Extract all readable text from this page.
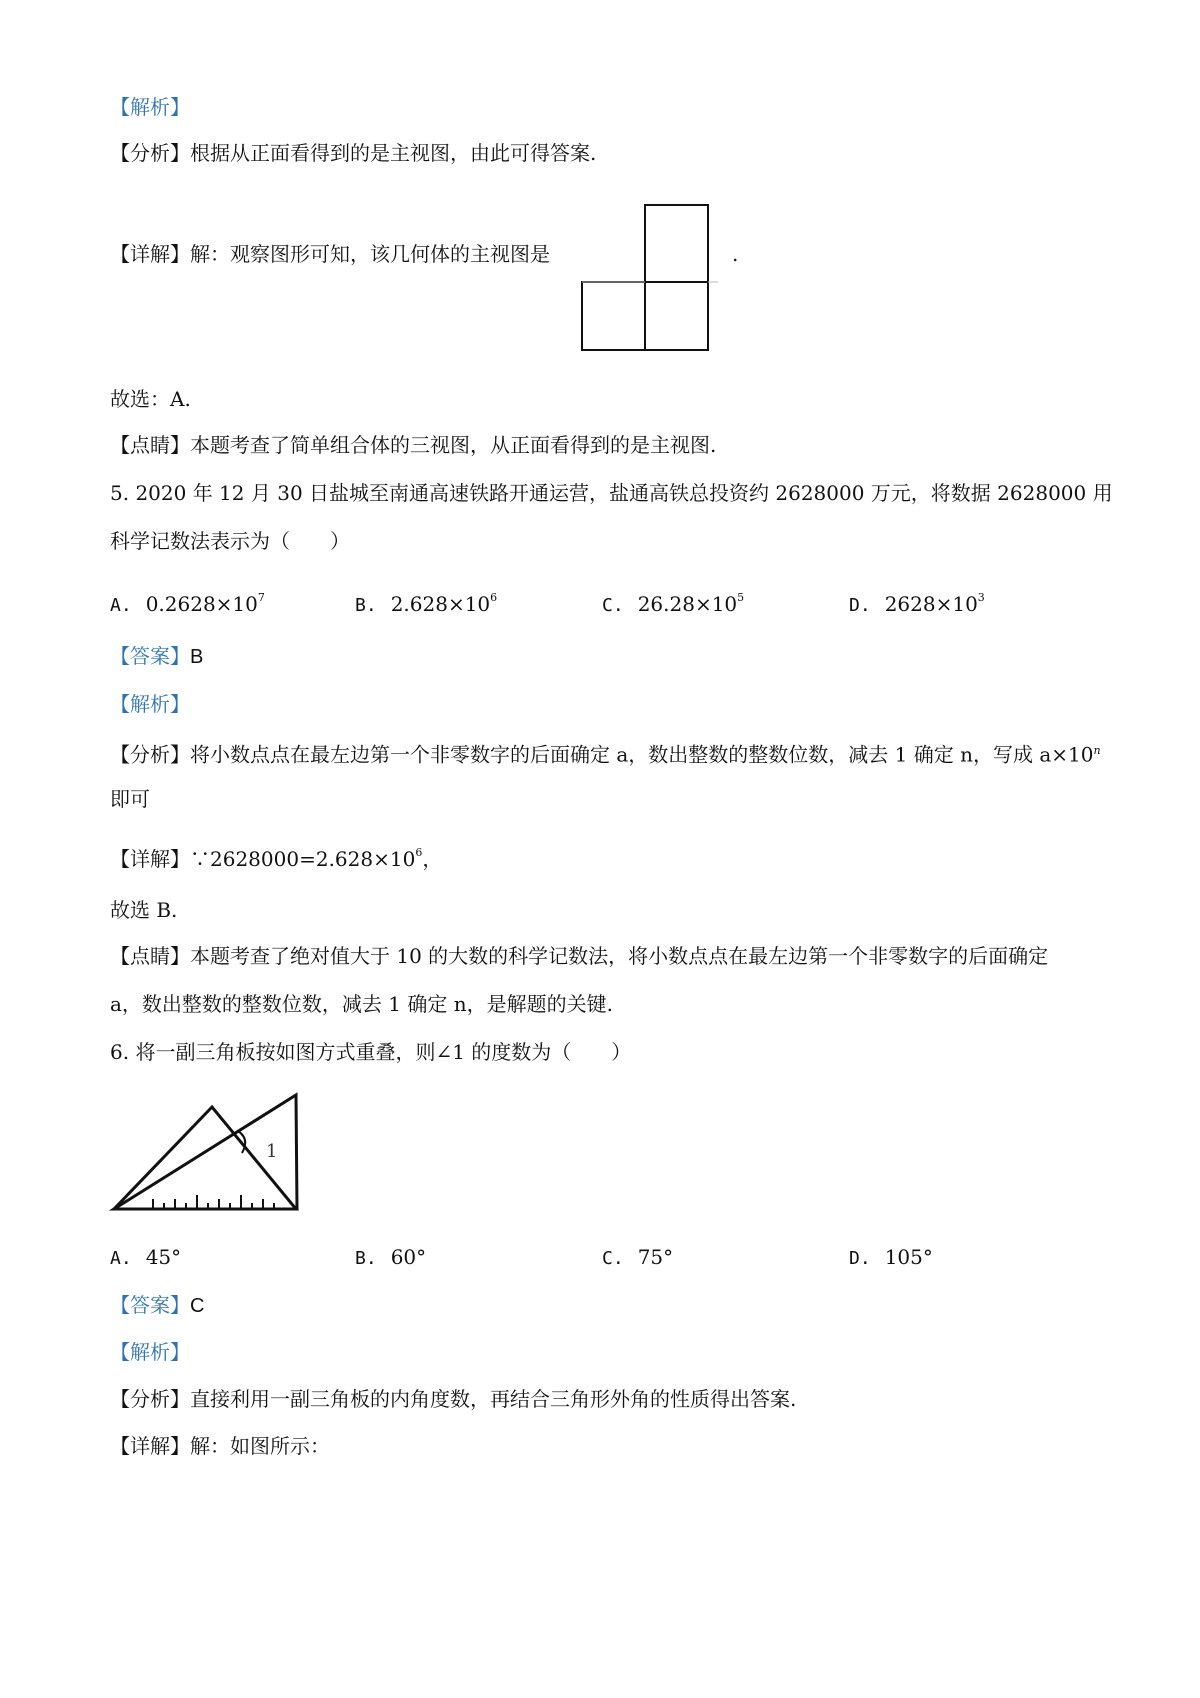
【解析】
【分析】根据从正面看得到的是主视图，由此可得答案.
【详解】解：观察图形可知，该几何体的主视图是	.
故选：A.
【点睛】本题考查了简单组合体的三视图，从正面看得到的是主视图.
5. 2020 年 12 月 30 日盐城至南通高速铁路开通运营，盐通高铁总投资约 2628000 万元，将数据 2628000 用
科学记数法表示为（　　）
A. $0.2628\times 10^7$	B. $2.628\times 10^6$	C. $26.28\times 10^5$	D. $2628\times 10^3$
【答案】B
【解析】
【分析】将小数点点在最左边第一个非零数字的后面确定 a，数出整数的整数位数，减去 1 确定 n，写成 $a\times 10^n$
即可
【详解】$\because 2628000=2.628\times 10^6$，
故选 B.
【点睛】本题考查了绝对值大于 10 的大数的科学记数法，将小数点点在最左边第一个非零数字的后面确定
a，数出整数的整数位数，减去 1 确定 n，是解题的关键.
6. 将一副三角板按如图方式重叠，则∠1 的度数为（　　）
1
A. 45°	B. 60°	C. 75°	D. 105°
【答案】C
【解析】
【分析】直接利用一副三角板的内角度数，再结合三角形外角的性质得出答案.
【详解】解：如图所示：
